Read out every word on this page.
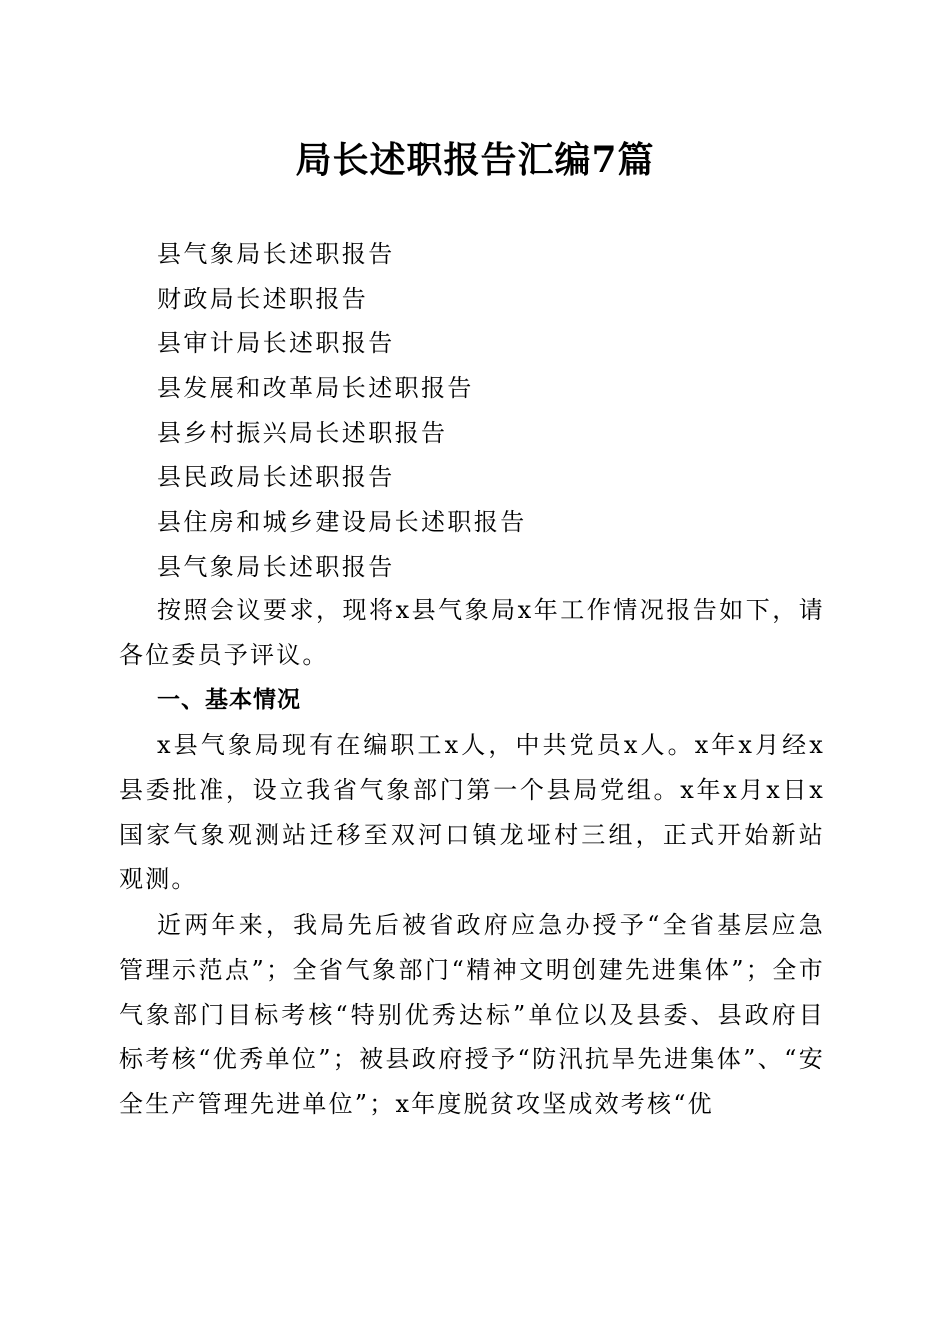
局长述职报告汇编7篇
县气象局长述职报告
财政局长述职报告
县审计局长述职报告
县发展和改革局长述职报告
县乡村振兴局长述职报告
县民政局长述职报告
县住房和城乡建设局长述职报告
县气象局长述职报告

按照会议要求，现将x县气象局x年工作情况报告如下，请各位委员予评议。

一、基本情况

x县气象局现有在编职工x人，中共党员x人。x年x月经x县委批准，设立我省气象部门第一个县局党组。x年x月x日x国家气象观测站迁移至双河口镇龙垭村三组，正式开始新站观测。

近两年来，我局先后被省政府应急办授予“全省基层应急管理示范点”；全省气象部门“精神文明创建先进集体”；全市气象部门目标考核“特别优秀达标”单位以及县委、县政府目标考核“优秀单位”；被县政府授予“防汛抗旱先进集体”、“安全生产管理先进单位”；x年度脱贫攻坚成效考核“优
